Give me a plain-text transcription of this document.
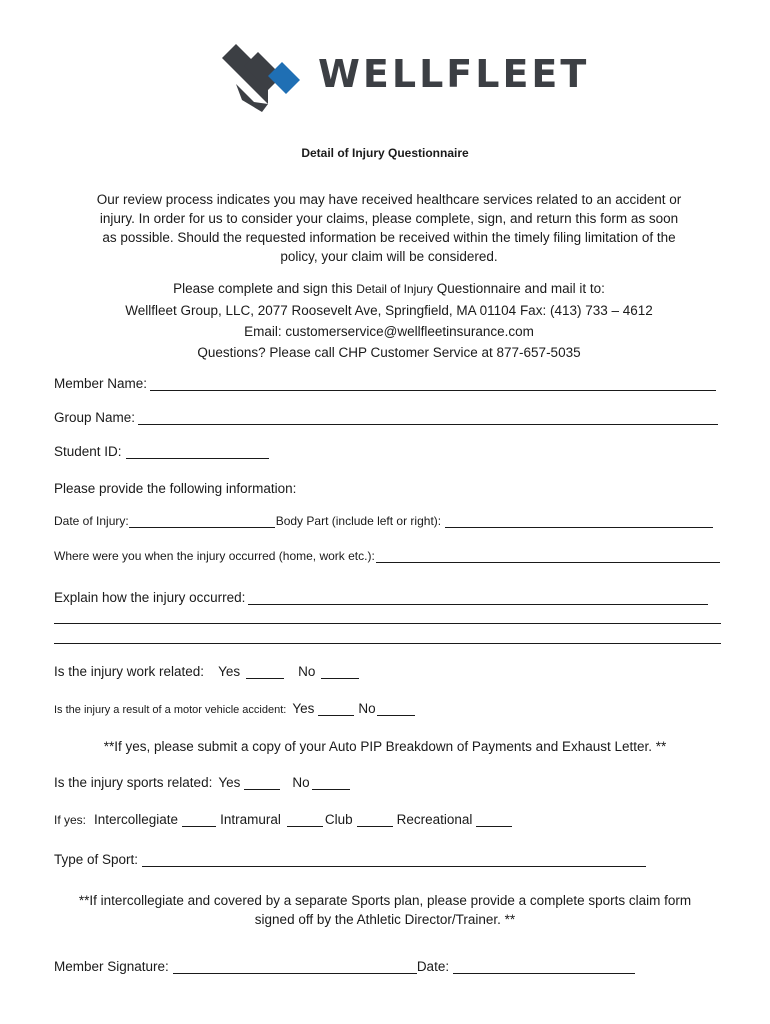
WELLFLEET
Detail of Injury Questionnaire
Our review process indicates you may have received healthcare services related to an accident or injury. In order for us to consider your claims, please complete, sign, and return this form as soon as possible. Should the requested information be received within the timely filing limitation of the policy, your claim will be considered.
Please complete and sign this Detail of Injury Questionnaire and mail it to:
Wellfleet Group, LLC, 2077 Roosevelt Ave, Springfield, MA 01104 Fax: (413) 733 – 4612
Email: customerservice@wellfleetinsurance.com
Questions? Please call CHP Customer Service at 877-657-5035
Member Name:
Group Name:
Student ID:
Please provide the following information:
Date of Injury:	Body Part (include left or right):
Where were you when the injury occurred (home, work etc.):
Explain how the injury occurred:
Is the injury work related: Yes	No
Is the injury a result of a motor vehicle accident: Yes	No
**If yes, please submit a copy of your Auto PIP Breakdown of Payments and Exhaust Letter. **
Is the injury sports related: Yes	No
If yes: Intercollegiate	Intramural	Club	Recreational
Type of Sport:
**If intercollegiate and covered by a separate Sports plan, please provide a complete sports claim form signed off by the Athletic Director/Trainer. **
Member Signature:	Date:
